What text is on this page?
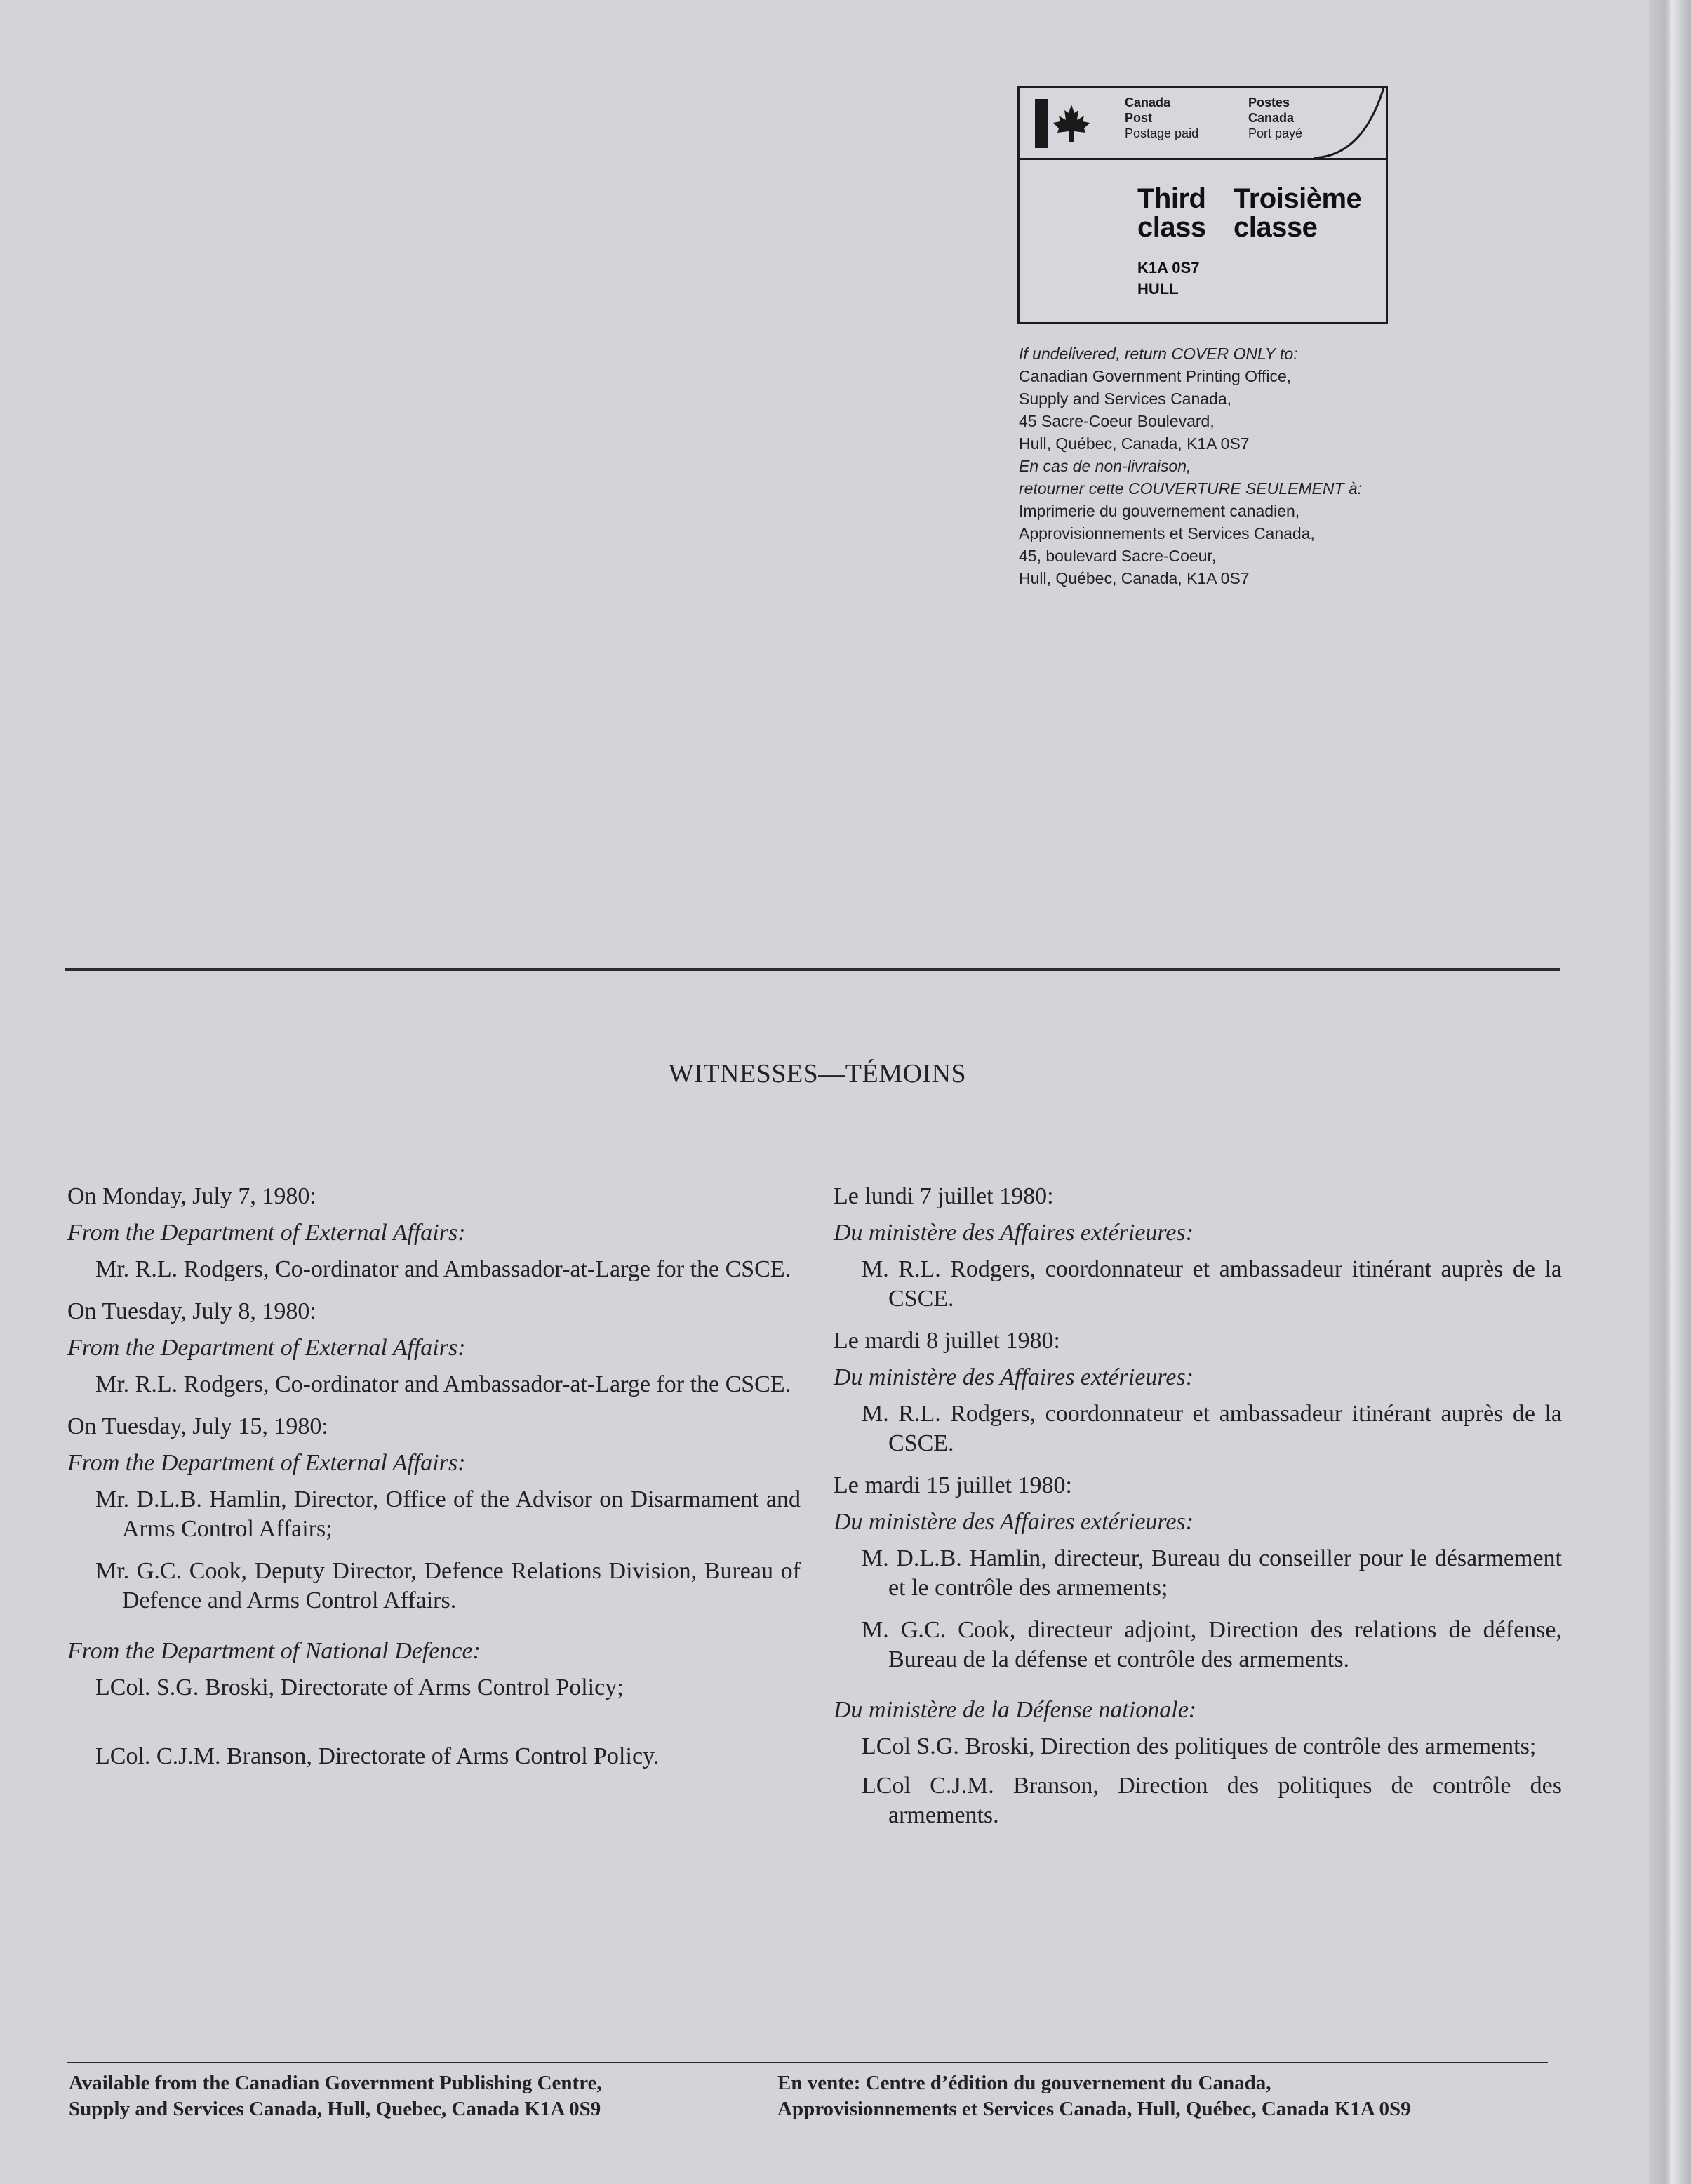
Canada
Post
Postage paid
Postes
Canada
Port payé
Third
class
Troisième
classe
K1A 0S7
HULL
If undelivered, return COVER ONLY to:
Canadian Government Printing Office,
Supply and Services Canada,
45 Sacre-Coeur Boulevard,
Hull, Québec, Canada, K1A 0S7
En cas de non-livraison,
retourner cette COUVERTURE SEULEMENT à:
Imprimerie du gouvernement canadien,
Approvisionnements et Services Canada,
45, boulevard Sacre-Coeur,
Hull, Québec, Canada, K1A 0S7
WITNESSES—TÉMOINS

On Monday, July 7, 1980:

From the Department of External Affairs:

Mr. R.L. Rodgers, Co-ordinator and Ambassador-at-Large for the CSCE.

On Tuesday, July 8, 1980:

From the Department of External Affairs:

Mr. R.L. Rodgers, Co-ordinator and Ambassador-at-Large for the CSCE.

On Tuesday, July 15, 1980:

From the Department of External Affairs:

Mr. D.L.B. Hamlin, Director, Office of the Advisor on Disarmament and Arms Control Affairs;

Mr. G.C. Cook, Deputy Director, Defence Relations Division, Bureau of Defence and Arms Control Affairs.

From the Department of National Defence:

LCol. S.G. Broski, Directorate of Arms Control Policy;

LCol. C.J.M. Branson, Directorate of Arms Control Policy.

Le lundi 7 juillet 1980:

Du ministère des Affaires extérieures:

M. R.L. Rodgers, coordonnateur et ambassadeur itinérant auprès de la CSCE.

Le mardi 8 juillet 1980:

Du ministère des Affaires extérieures:

M. R.L. Rodgers, coordonnateur et ambassadeur itinérant auprès de la CSCE.

Le mardi 15 juillet 1980:

Du ministère des Affaires extérieures:

M. D.L.B. Hamlin, directeur, Bureau du conseiller pour le désarmement et le contrôle des armements;

M. G.C. Cook, directeur adjoint, Direction des relations de défense, Bureau de la défense et contrôle des armements.

Du ministère de la Défense nationale:

LCol S.G. Broski, Direction des politiques de contrôle des armements;

LCol C.J.M. Branson, Direction des politiques de contrôle des armements.

Available from the Canadian Government Publishing Centre,
Supply and Services Canada, Hull, Quebec, Canada K1A 0S9
En vente: Centre d’édition du gouvernement du Canada,
Approvisionnements et Services Canada, Hull, Québec, Canada K1A 0S9
